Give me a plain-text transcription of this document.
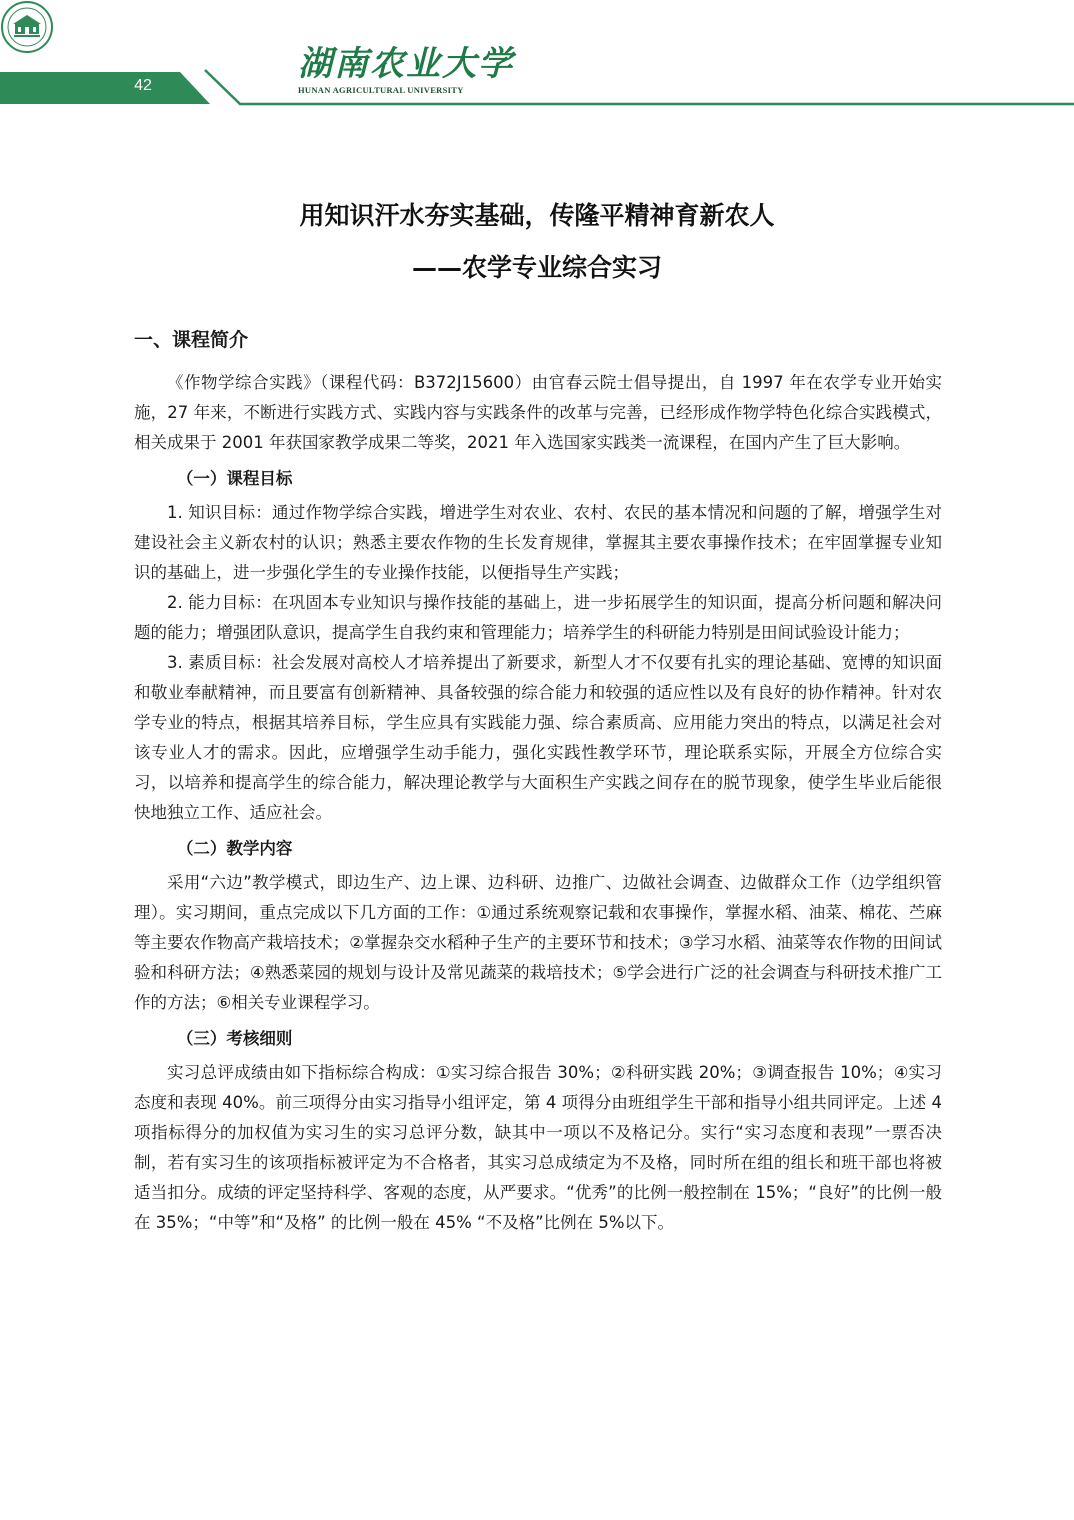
42
湖南农业大学
HUNAN AGRICULTURAL UNIVERSITY
用知识汗水夯实基础，传隆平精神育新农人
——农学专业综合实习
一、课程简介

《作物学综合实践》（课程代码：B372J15600）由官春云院士倡导提出，自 1997 年在农学专业开始实施，27 年来，不断进行实践方式、实践内容与实践条件的改革与完善，已经形成作物学特色化综合实践模式，相关成果于 2001 年获国家教学成果二等奖，2021 年入选国家实践类一流课程，在国内产生了巨大影响。

（一）课程目标

1. 知识目标：通过作物学综合实践，增进学生对农业、农村、农民的基本情况和问题的了解，增强学生对建设社会主义新农村的认识；熟悉主要农作物的生长发育规律，掌握其主要农事操作技术；在牢固掌握专业知识的基础上，进一步强化学生的专业操作技能，以便指导生产实践；

2. 能力目标：在巩固本专业知识与操作技能的基础上，进一步拓展学生的知识面，提高分析问题和解决问题的能力；增强团队意识，提高学生自我约束和管理能力；培养学生的科研能力特别是田间试验设计能力；

3. 素质目标：社会发展对高校人才培养提出了新要求，新型人才不仅要有扎实的理论基础、宽博的知识面和敬业奉献精神，而且要富有创新精神、具备较强的综合能力和较强的适应性以及有良好的协作精神。针对农学专业的特点，根据其培养目标，学生应具有实践能力强、综合素质高、应用能力突出的特点，以满足社会对该专业人才的需求。因此，应增强学生动手能力，强化实践性教学环节，理论联系实际，开展全方位综合实习，以培养和提高学生的综合能力，解决理论教学与大面积生产实践之间存在的脱节现象，使学生毕业后能很快地独立工作、适应社会。

（二）教学内容

采用“六边”教学模式，即边生产、边上课、边科研、边推广、边做社会调查、边做群众工作（边学组织管理）。实习期间，重点完成以下几方面的工作：①通过系统观察记载和农事操作，掌握水稻、油菜、棉花、苎麻等主要农作物高产栽培技术；②掌握杂交水稻种子生产的主要环节和技术；③学习水稻、油菜等农作物的田间试验和科研方法；④熟悉菜园的规划与设计及常见蔬菜的栽培技术；⑤学会进行广泛的社会调查与科研技术推广工作的方法；⑥相关专业课程学习。

（三）考核细则

实习总评成绩由如下指标综合构成：①实习综合报告 30%；②科研实践 20%；③调查报告 10%；④实习态度和表现 40%。前三项得分由实习指导小组评定，第 4 项得分由班组学生干部和指导小组共同评定。上述 4 项指标得分的加权值为实习生的实习总评分数，缺其中一项以不及格记分。实行“实习态度和表现”一票否决制，若有实习生的该项指标被评定为不合格者，其实习总成绩定为不及格，同时所在组的组长和班干部也将被适当扣分。成绩的评定坚持科学、客观的态度，从严要求。“优秀”的比例一般控制在 15%；“良好”的比例一般在 35%；“中等”和“及格” 的比例一般在 45% “不及格”比例在 5%以下。
